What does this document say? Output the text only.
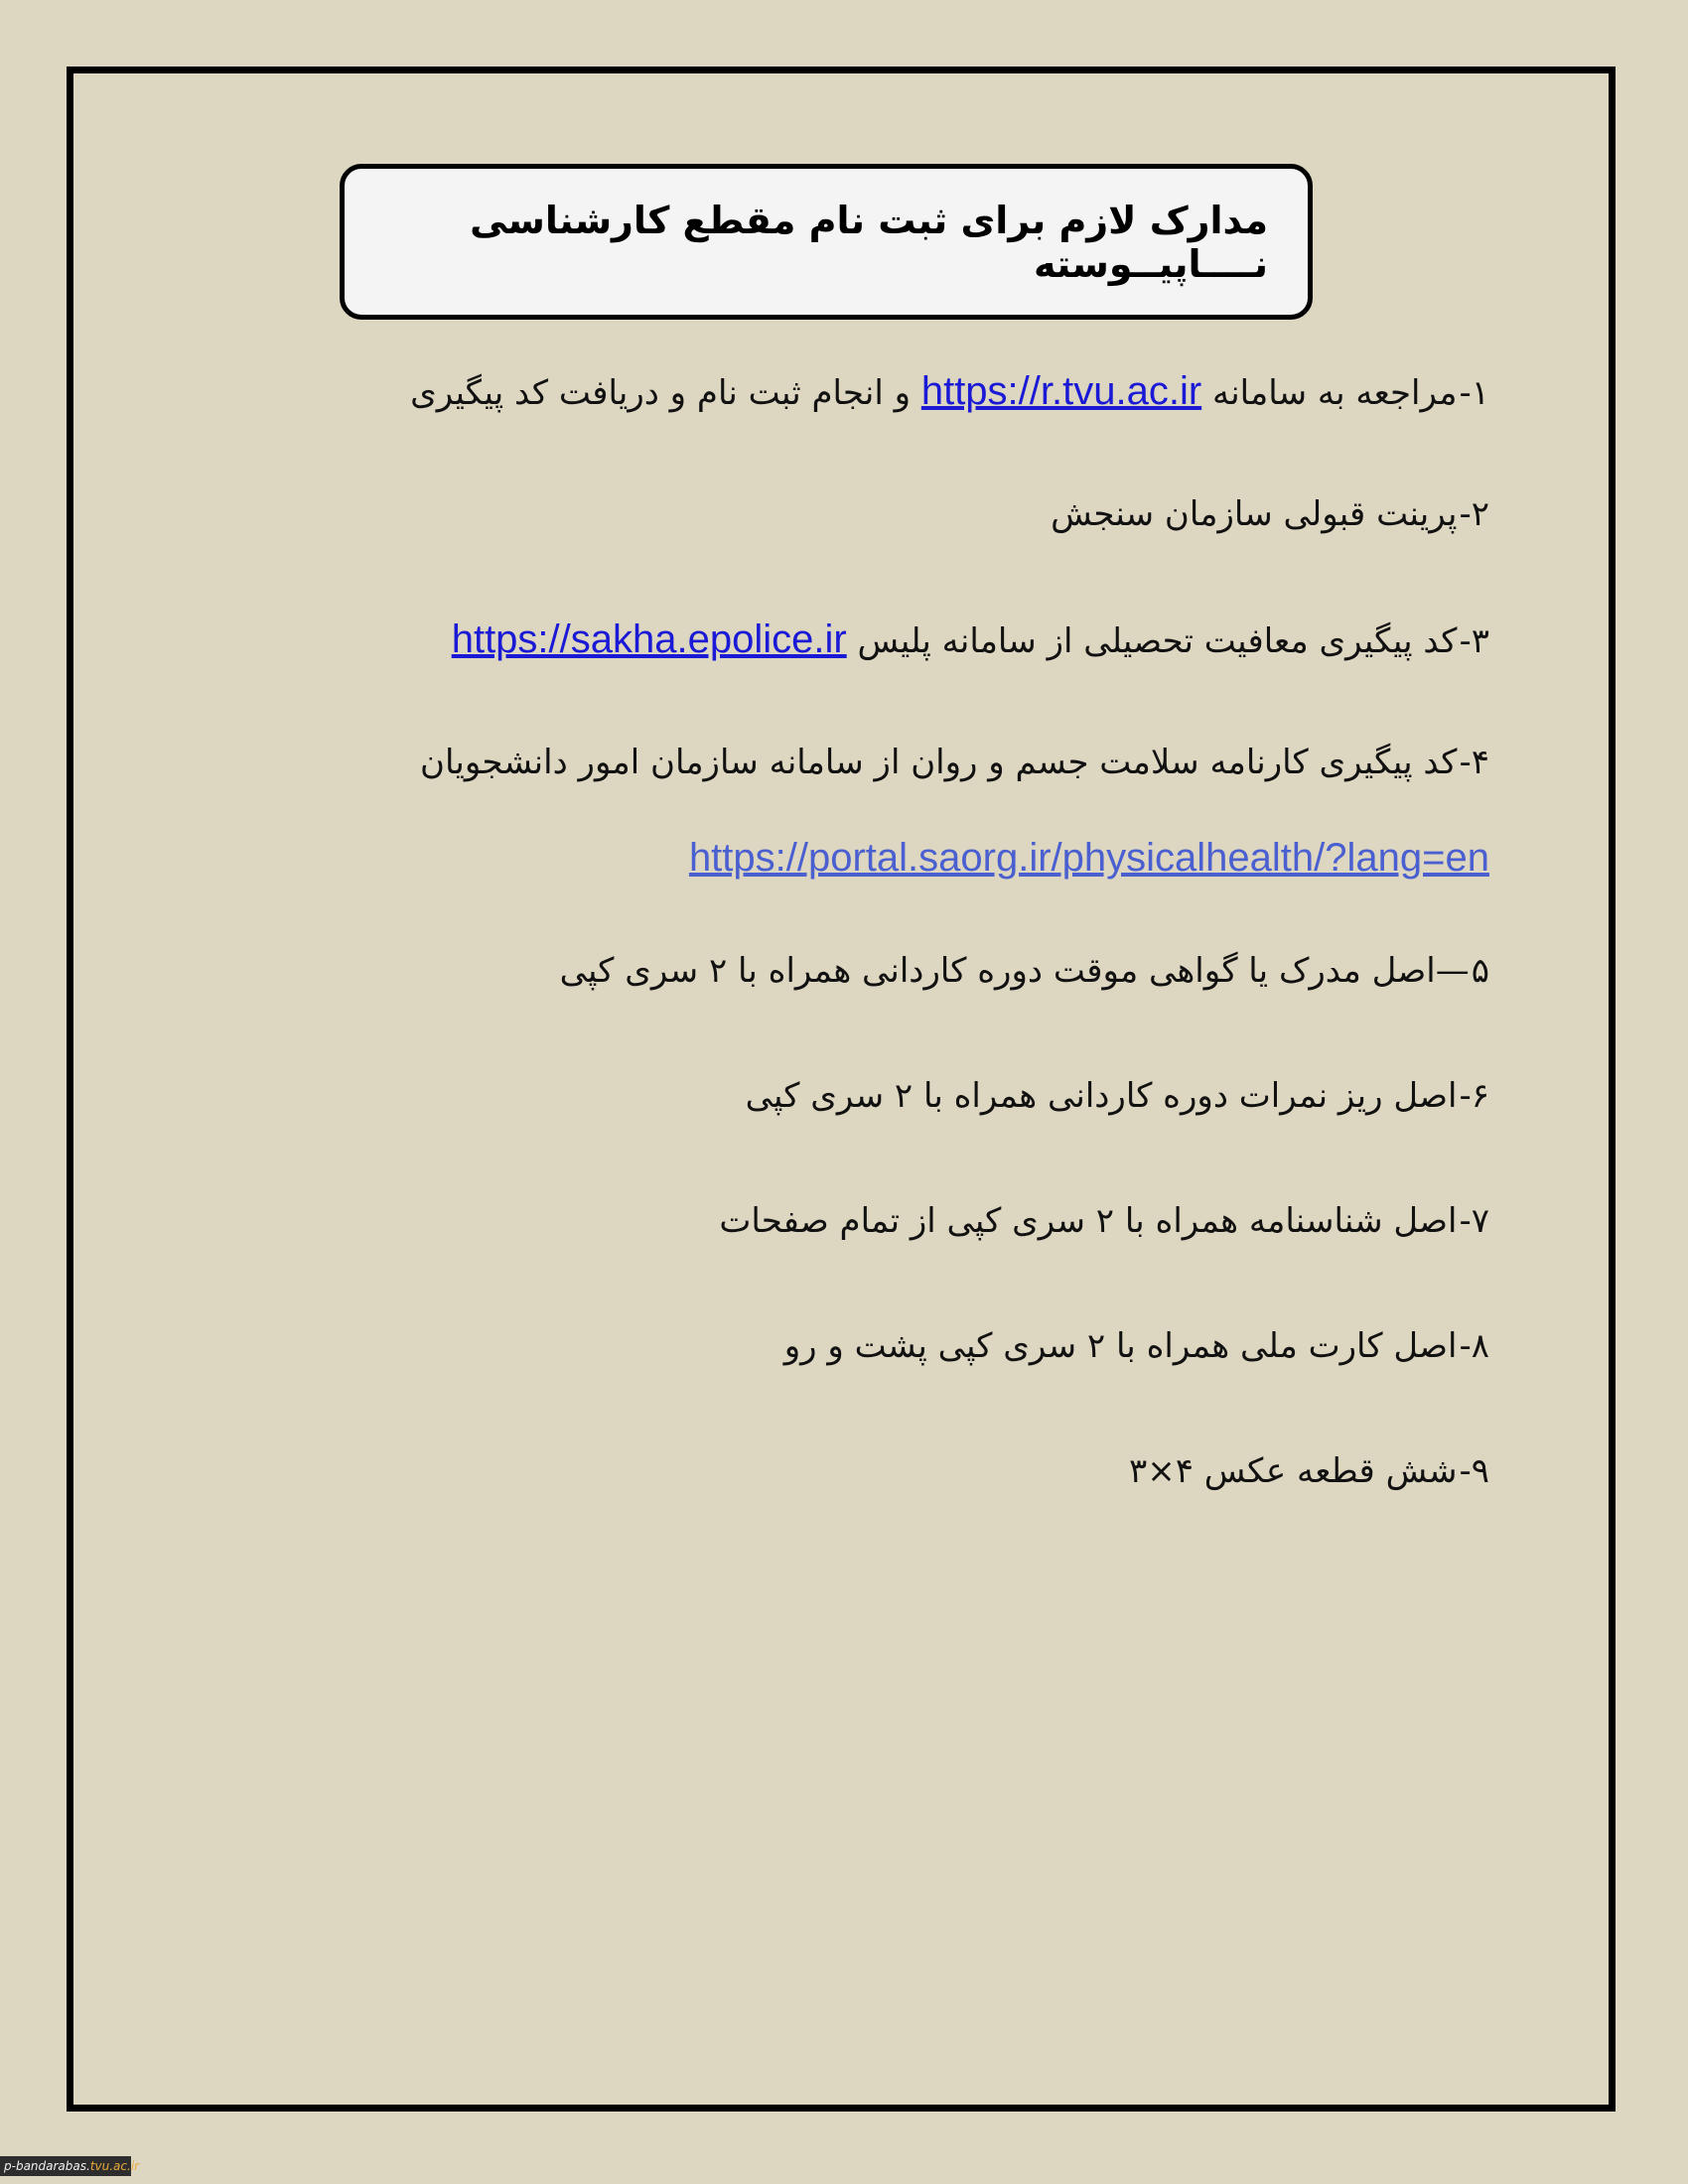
مدارک لازم برای ثبت نام مقطع کارشناسی نــــاپیــوسته
۱-مراجعه به سامانه https://r.tvu.ac.ir و انجام ثبت نام و دریافت کد پیگیری
۲-پرینت قبولی سازمان سنجش
۳-کد پیگیری معافیت تحصیلی از سامانه پلیس https://sakha.epolice.ir
۴-کد پیگیری کارنامه سلامت جسم و روان از سامانه سازمان امور دانشجویان
https://portal.saorg.ir/physicalhealth/?lang=en
۵—اصل مدرک یا گواهی موقت دوره کاردانی همراه با ۲ سری کپی
۶-اصل ریز نمرات دوره کاردانی همراه با ۲ سری کپی
۷-اصل شناسنامه همراه با ۲ سری کپی از تمام صفحات
۸-اصل کارت ملی همراه با ۲ سری کپی پشت و رو
۹-شش قطعه عکس ۴×۳
p-bandarabas.tvu.ac.ir
